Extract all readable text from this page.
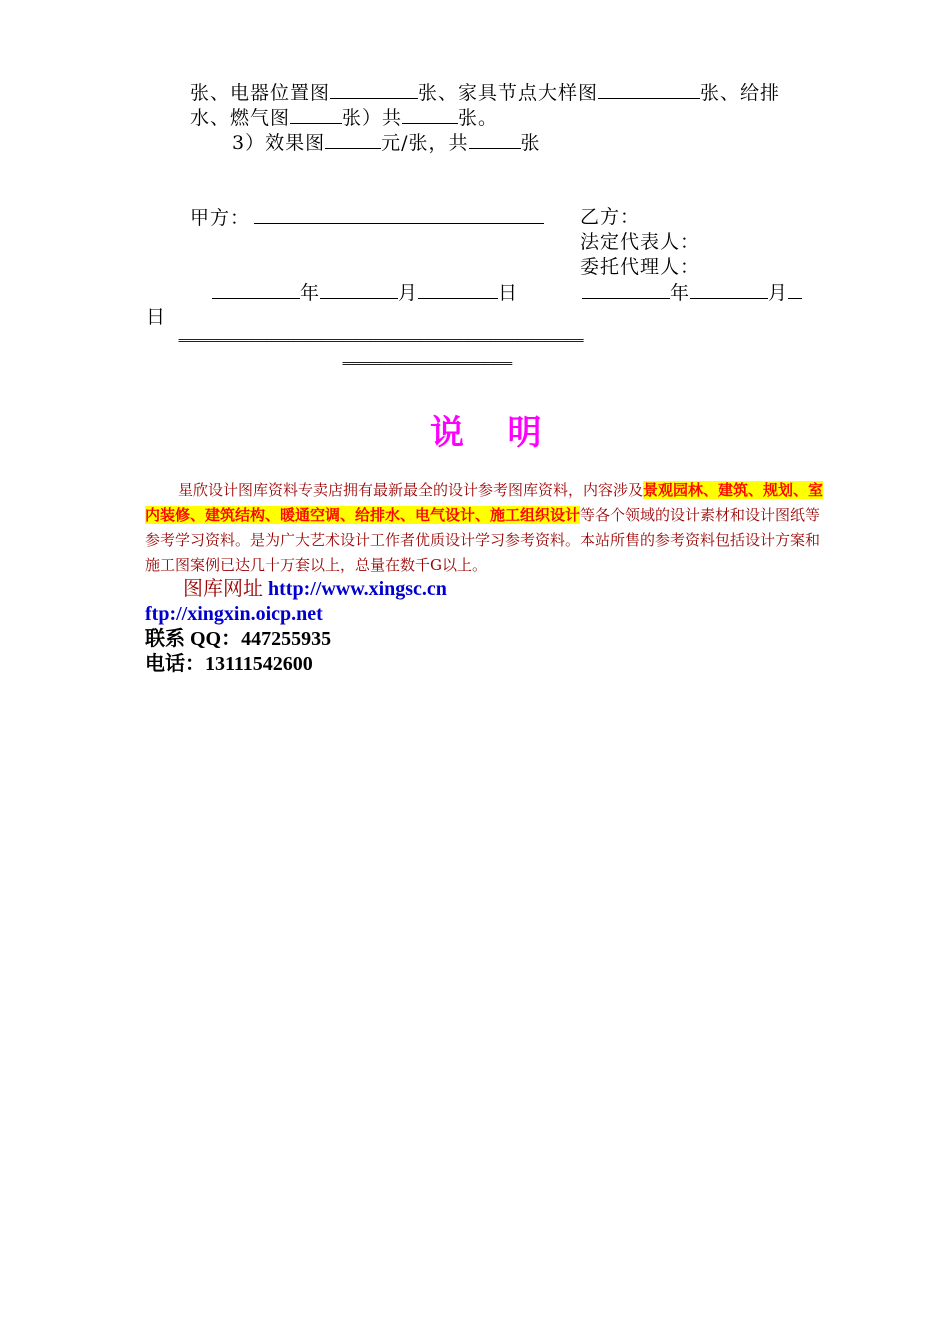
张、电器位置图	张、家具节点大样图	张、给排
水、燃气图	张）共	张。
3）效果图	元/张，共	张
甲方：	乙方：
法定代表人：
委托代理人：
年	月	日	年	月
日
==========================================================================
===============================
说   明
星欣设计图库资料专卖店拥有最新最全的设计参考图库资料，内容涉及景观园林、建筑、规划、室内装修、建筑结构、暖通空调、给排水、电气设计、施工组织设计等各个领域的设计素材和设计图纸等参考学习资料。是为广大艺术设计工作者优质设计学习参考资料。本站所售的参考资料包括设计方案和施工图案例已达几十万套以上，总量在数千G以上。
图库网址 http://www.xingsc.cn
ftp://xingxin.oicp.net
联系 QQ：447255935
电话：13111542600
